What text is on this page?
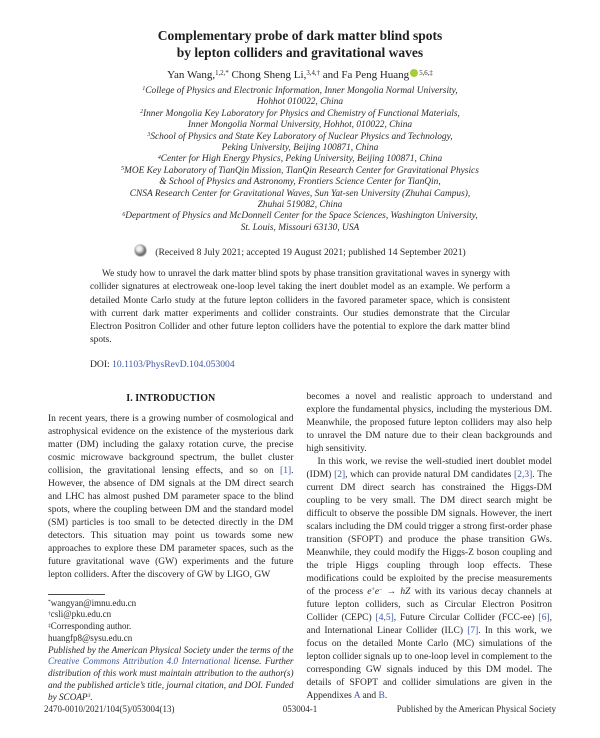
Complementary probe of dark matter blind spots
by lepton colliders and gravitational waves
Yan Wang,$^{1,2,*}$ Chong Sheng Li,$^{3,4,\dagger}$ and Fa Peng Huang $^{5,6,\ddagger}$
$^1$College of Physics and Electronic Information, Inner Mongolia Normal University,
Hohhot 010022, China
$^2$Inner Mongolia Key Laboratory for Physics and Chemistry of Functional Materials,
Inner Mongolia Normal University, Hohhot, 010022, China
$^3$School of Physics and State Key Laboratory of Nuclear Physics and Technology,
Peking University, Beijing 100871, China
$^4$Center for High Energy Physics, Peking University, Beijing 100871, China
$^5$MOE Key Laboratory of TianQin Mission, TianQin Research Center for Gravitational Physics
& School of Physics and Astronomy, Frontiers Science Center for TianQin,
CNSA Research Center for Gravitational Waves, Sun Yat-sen University (Zhuhai Campus),
Zhuhai 519082, China
$^6$Department of Physics and McDonnell Center for the Space Sciences, Washington University,
St. Louis, Missouri 63130, USA
(Received 8 July 2021; accepted 19 August 2021; published 14 September 2021)

We study how to unravel the dark matter blind spots by phase transition gravitational waves in synergy with collider signatures at electroweak one-loop level taking the inert doublet model as an example. We perform a detailed Monte Carlo study at the future lepton colliders in the favored parameter space, which is consistent with current dark matter experiments and collider constraints. Our studies demonstrate that the Circular Electron Positron Collider and other future lepton colliders have the potential to explore the dark matter blind spots.

DOI: 10.1103/PhysRevD.104.053004
I. INTRODUCTION

In recent years, there is a growing number of cosmological and astrophysical evidence on the existence of the mysterious dark matter (DM) including the galaxy rotation curve, the precise cosmic microwave background spectrum, the bullet cluster collision, the gravitational lensing effects, and so on [1]. However, the absence of DM signals at the DM direct search and LHC has almost pushed DM parameter space to the blind spots, where the coupling between DM and the standard model (SM) particles is too small to be detected directly in the DM detectors. This situation may point us towards some new approaches to explore these DM parameter spaces, such as the future gravitational wave (GW) experiments and the future lepton colliders. After the discovery of GW by LIGO, GW

*wangyan@imnu.edu.cn
†csli@pku.edu.cn
‡Corresponding author.
huangfp8@sysu.edu.cn

Published by the American Physical Society under the terms of the Creative Commons Attribution 4.0 International license. Further distribution of this work must maintain attribution to the author(s) and the published article’s title, journal citation, and DOI. Funded by SCOAP$^3$.

becomes a novel and realistic approach to understand and explore the fundamental physics, including the mysterious DM. Meanwhile, the proposed future lepton colliders may also help to unravel the DM nature due to their clean backgrounds and high sensitivity.

In this work, we revise the well-studied inert doublet model (IDM) [2], which can provide natural DM candidates [2,3]. The current DM direct search has constrained the Higgs-DM coupling to be very small. The DM direct search might be difficult to observe the possible DM signals. However, the inert scalars including the DM could trigger a strong first-order phase transition (SFOPT) and produce the phase transition GWs. Meanwhile, they could modify the Higgs-Z boson coupling and the triple Higgs coupling through loop effects. These modifications could be exploited by the precise measurements of the process e+e− → hZ with its various decay channels at future lepton colliders, such as Circular Electron Positron Collider (CEPC) [4,5], Future Circular Collider (FCC-ee) [6], and International Linear Collider (ILC) [7]. In this work, we focus on the detailed Monte Carlo (MC) simulations of the lepton collider signals up to one-loop level in complement to the corresponding GW signals induced by this DM model. The details of SFOPT and collider simulations are given in the Appendixes A and B.

2470-0010/2021/104(5)/053004(13)	053004-1	Published by the American Physical Society
